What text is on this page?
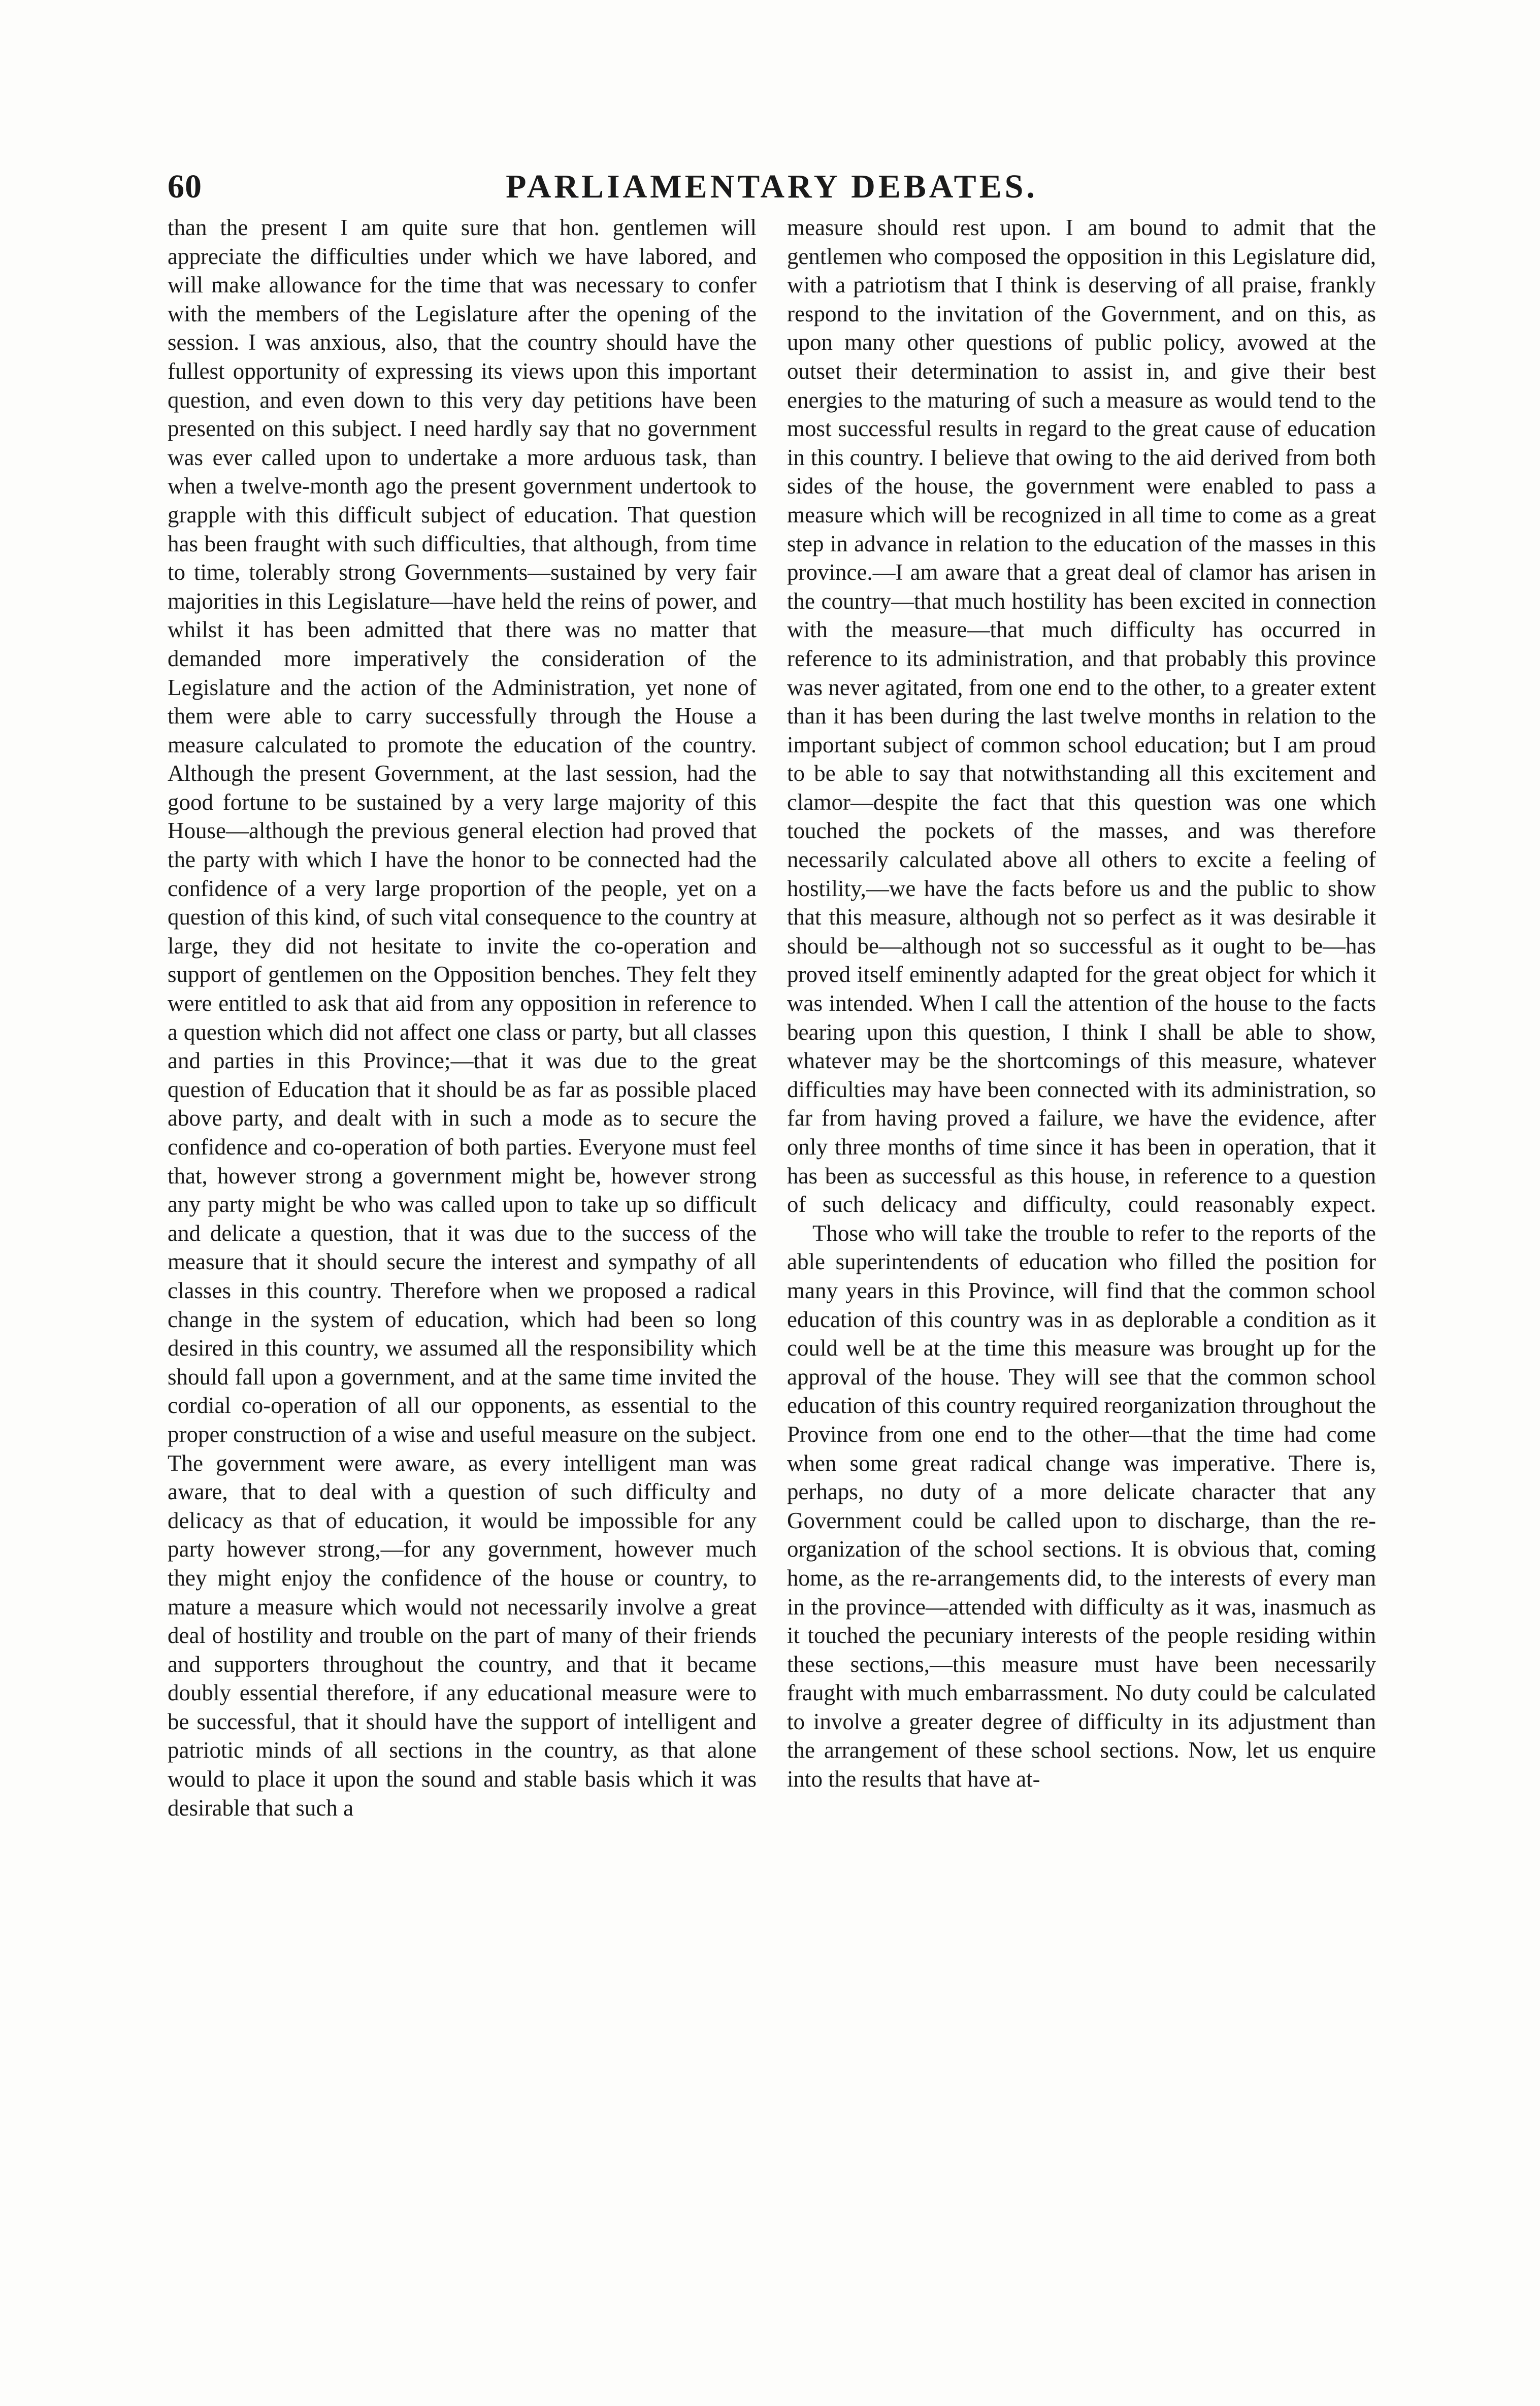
60	PARLIAMENTARY DEBATES.

than the present I am quite sure that hon. gentlemen will appreciate the difficulties under which we have labored, and will make allowance for the time that was necessary to confer with the members of the Legislature after the opening of the session. I was anxious, also, that the country should have the fullest opportunity of expressing its views upon this important question, and even down to this very day petitions have been presented on this subject. I need hardly say that no government was ever called upon to undertake a more arduous task, than when a twelve-month ago the present government undertook to grapple with this difficult subject of education. That question has been fraught with such difficulties, that although, from time to time, tolerably strong Governments—sustained by very fair majorities in this Legislature—have held the reins of power, and whilst it has been admitted that there was no matter that demanded more imperatively the consideration of the Legislature and the action of the Administration, yet none of them were able to carry successfully through the House a measure calculated to promote the education of the country. Although the present Government, at the last session, had the good fortune to be sustained by a very large majority of this House—although the previous general election had proved that the party with which I have the honor to be connected had the confidence of a very large proportion of the people, yet on a question of this kind, of such vital consequence to the country at large, they did not hesitate to invite the co-operation and support of gentlemen on the Opposition benches. They felt they were entitled to ask that aid from any opposition in reference to a question which did not affect one class or party, but all classes and parties in this Province;—that it was due to the great question of Education that it should be as far as possible placed above party, and dealt with in such a mode as to secure the confidence and co-operation of both parties. Everyone must feel that, however strong a government might be, however strong any party might be who was called upon to take up so difficult and delicate a question, that it was due to the success of the measure that it should secure the interest and sympathy of all classes in this country. Therefore when we proposed a radical change in the system of education, which had been so long desired in this country, we assumed all the responsibility which should fall upon a government, and at the same time invited the cordial co-operation of all our opponents, as essential to the proper construction of a wise and useful measure on the subject. The government were aware, as every intelligent man was aware, that to deal with a question of such difficulty and delicacy as that of education, it would be impossible for any party however strong,—for any government, however much they might enjoy the confidence of the house or country, to mature a measure which would not necessarily involve a great deal of hostility and trouble on the part of many of their friends and supporters throughout the country, and that it became doubly essential therefore, if any educational measure were to be successful, that it should have the support of intelligent and patriotic minds of all sections in the country, as that alone would to place it upon the sound and stable basis which it was desirable that such a

measure should rest upon. I am bound to admit that the gentlemen who composed the opposition in this Legislature did, with a patriotism that I think is deserving of all praise, frankly respond to the invitation of the Government, and on this, as upon many other questions of public policy, avowed at the outset their determination to assist in, and give their best energies to the maturing of such a measure as would tend to the most successful results in regard to the great cause of education in this country. I believe that owing to the aid derived from both sides of the house, the government were enabled to pass a measure which will be recognized in all time to come as a great step in advance in relation to the education of the masses in this province.—I am aware that a great deal of clamor has arisen in the country—that much hostility has been excited in connection with the measure—that much difficulty has occurred in reference to its administration, and that probably this province was never agitated, from one end to the other, to a greater extent than it has been during the last twelve months in relation to the important subject of common school education; but I am proud to be able to say that notwithstanding all this excitement and clamor—despite the fact that this question was one which touched the pockets of the masses, and was therefore necessarily calculated above all others to excite a feeling of hostility,—we have the facts before us and the public to show that this measure, although not so perfect as it was desirable it should be—although not so successful as it ought to be—has proved itself eminently adapted for the great object for which it was intended. When I call the attention of the house to the facts bearing upon this question, I think I shall be able to show, whatever may be the shortcomings of this measure, whatever difficulties may have been connected with its administration, so far from having proved a failure, we have the evidence, after only three months of time since it has been in operation, that it has been as successful as this house, in reference to a question of such delicacy and difficulty, could reasonably expect.

Those who will take the trouble to refer to the reports of the able superintendents of education who filled the position for many years in this Province, will find that the common school education of this country was in as deplorable a condition as it could well be at the time this measure was brought up for the approval of the house. They will see that the common school education of this country required reorganization throughout the Province from one end to the other—that the time had come when some great radical change was imperative. There is, perhaps, no duty of a more delicate character that any Government could be called upon to discharge, than the re-organization of the school sections. It is obvious that, coming home, as the re-arrangements did, to the interests of every man in the province—attended with difficulty as it was, inasmuch as it touched the pecuniary interests of the people residing within these sections,—this measure must have been necessarily fraught with much embarrassment. No duty could be calculated to involve a greater degree of difficulty in its adjustment than the arrangement of these school sections. Now, let us enquire into the results that have at-
